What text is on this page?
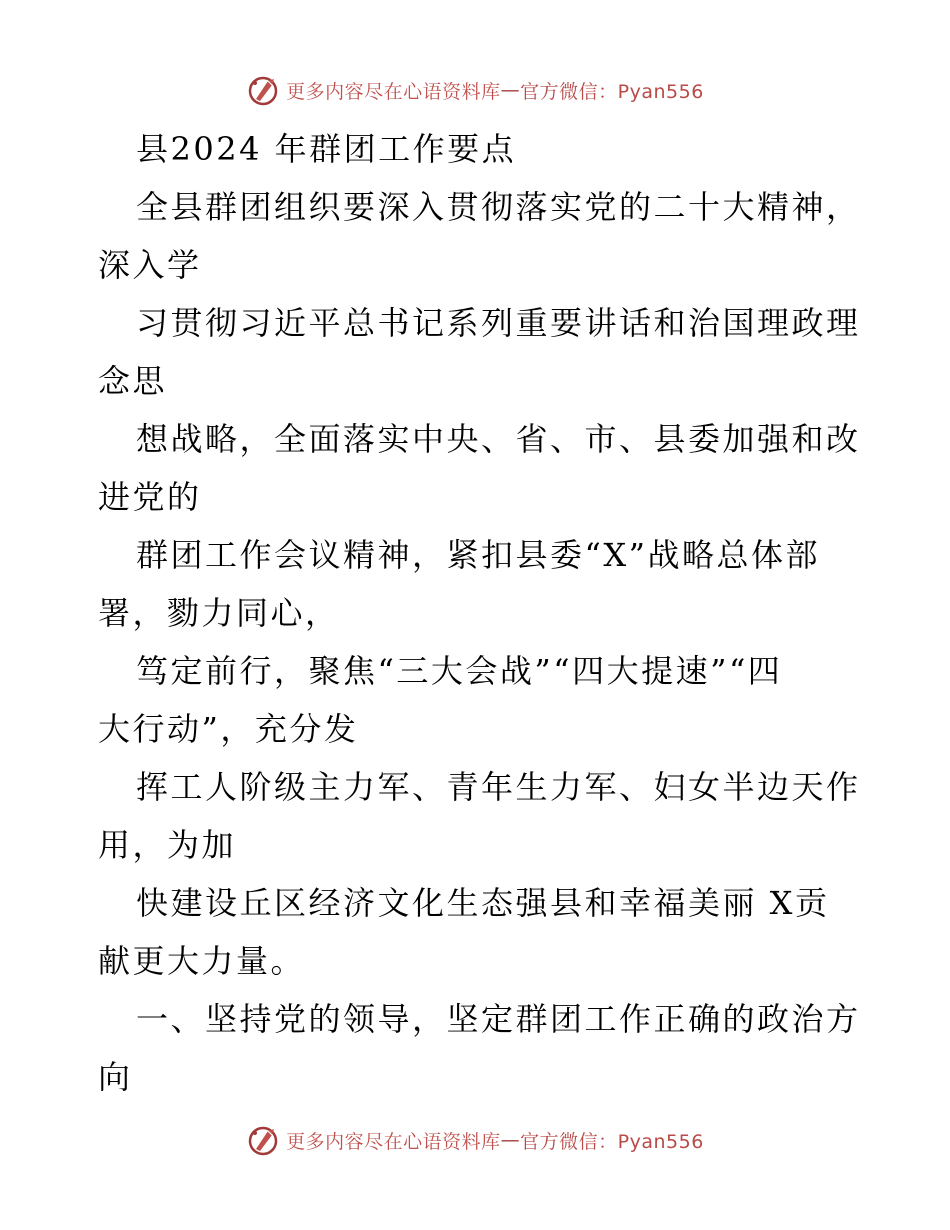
更多内容尽在心语资料库 — 官方微信：Pyan556
县2024 年群团工作要点
全县群团组织要深入贯彻落实党的二十大精神，
深入学
习贯彻习近平总书记系列重要讲话和治国理政理
念思
想战略，全面落实中央、省、市、县委加强和改
进党的
群团工作会议精神，紧扣县委“X”战略总体部
署，勠力同心，
笃定前行，聚焦“三大会战”“四大提速”“四
大行动”，充分发
挥工人阶级主力军、青年生力军、妇女半边天作
用，为加
快建设丘区经济文化生态强县和幸福美丽 X贡
献更大力量。
一、坚持党的领导，坚定群团工作正确的政治方
向
更多内容尽在心语资料库 — 官方微信：Pyan556
